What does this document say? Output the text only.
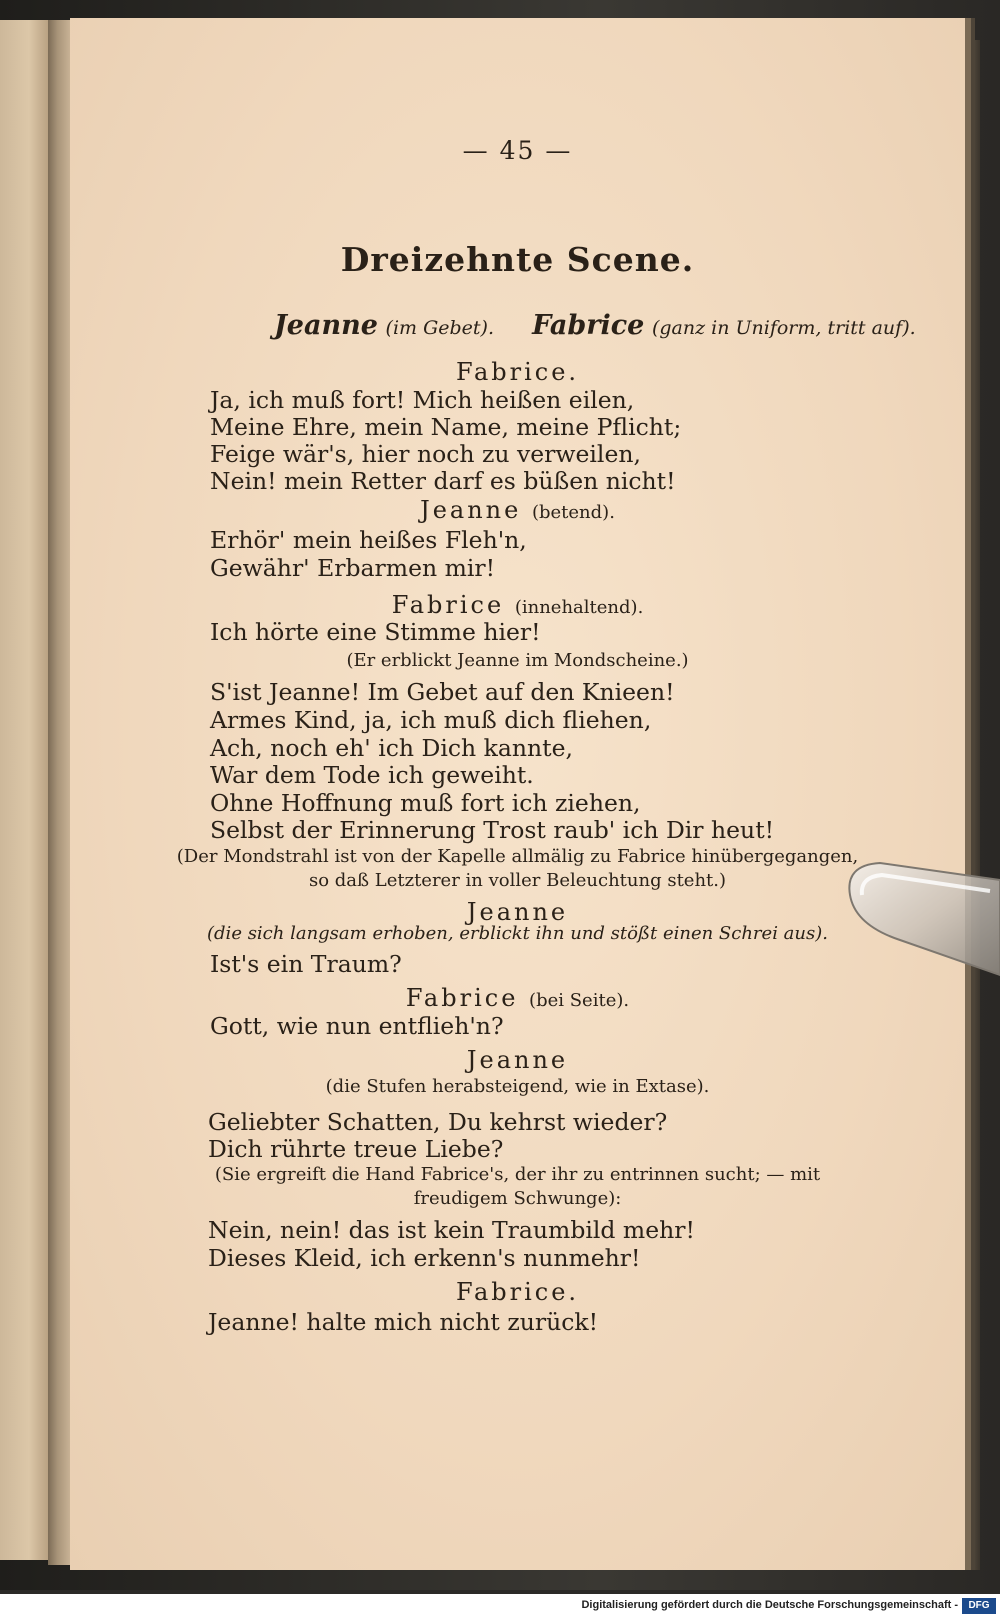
— 45 —
Dreizehnte Scene.
Jeanne (im Gebet). Fabrice (ganz in Uniform, tritt auf).
Fabrice.
Ja, ich muß fort! Mich heißen eilen,
Meine Ehre, mein Name, meine Pflicht;
Feige wär's, hier noch zu verweilen,
Nein! mein Retter darf es büßen nicht!
Jeanne (betend).
Erhör' mein heißes Fleh'n,
Gewähr' Erbarmen mir!
Fabrice (innehaltend).
Ich hörte eine Stimme hier!
(Er erblickt Jeanne im Mondscheine.)
S'ist Jeanne! Im Gebet auf den Knieen!
Armes Kind, ja, ich muß dich fliehen,
Ach, noch eh' ich Dich kannte,
War dem Tode ich geweiht.
Ohne Hoffnung muß fort ich ziehen,
Selbst der Erinnerung Trost raub' ich Dir heut!
(Der Mondstrahl ist von der Kapelle allmälig zu Fabrice hinübergegangen,
so daß Letzterer in voller Beleuchtung steht.)
Jeanne
(die sich langsam erhoben, erblickt ihn und stößt einen Schrei aus).
Ist's ein Traum?
Fabrice (bei Seite).
Gott, wie nun entflieh'n?
Jeanne
(die Stufen herabsteigend, wie in Extase).
Geliebter Schatten, Du kehrst wieder?
Dich rührte treue Liebe?
(Sie ergreift die Hand Fabrice's, der ihr zu entrinnen sucht; — mit
freudigem Schwunge):
Nein, nein! das ist kein Traumbild mehr!
Dieses Kleid, ich erkenn's nunmehr!
Fabrice.
Jeanne! halte mich nicht zurück!
Digitalisierung gefördert durch die Deutsche Forschungsgemeinschaft -	DFG
